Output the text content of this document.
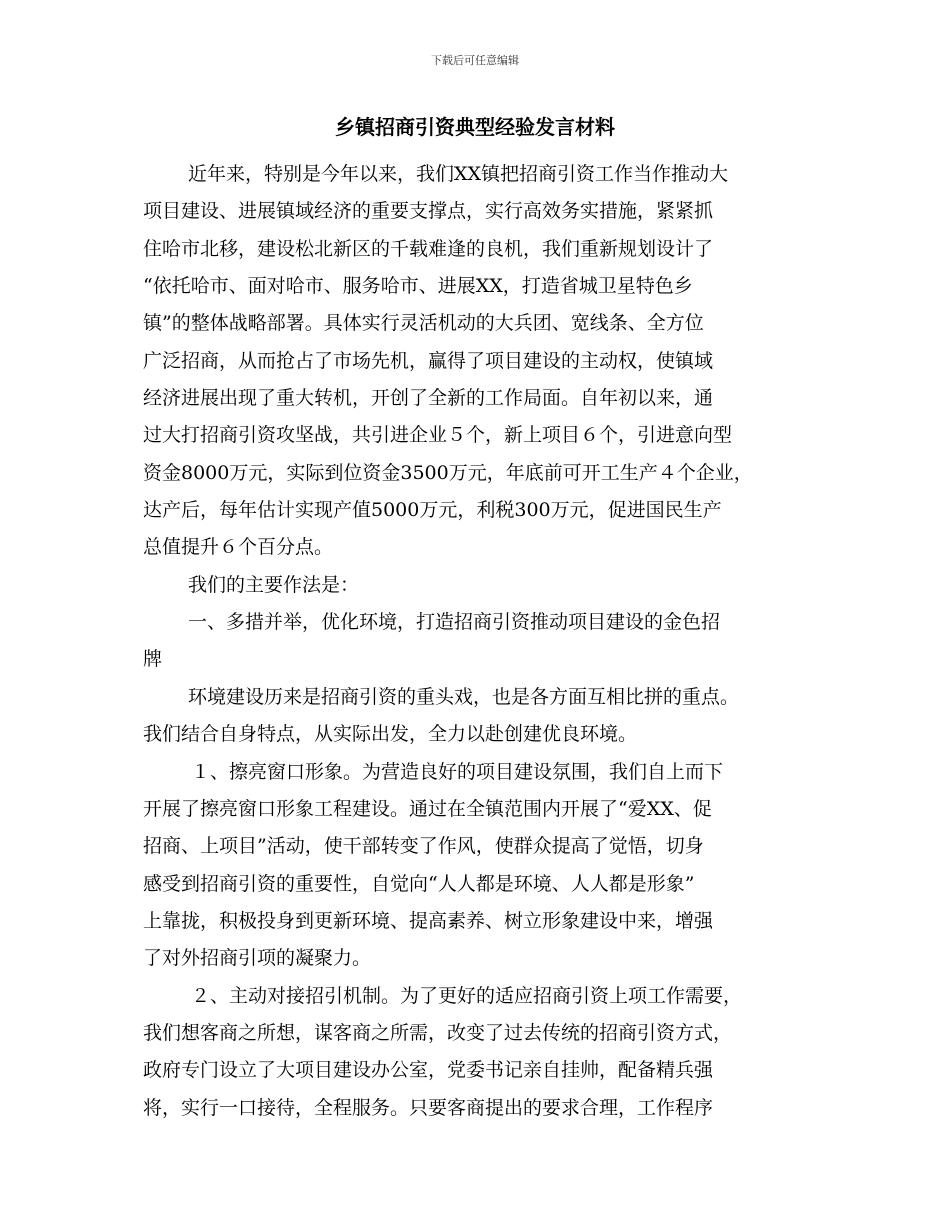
下载后可任意编辑
乡镇招商引资典型经验发言材料
近年来，特别是今年以来，我们XX镇把招商引资工作当作推动大
项目建设、进展镇域经济的重要支撑点，实行高效务实措施，紧紧抓
住哈市北移，建设松北新区的千载难逢的良机，我们重新规划设计了
“依托哈市、面对哈市、服务哈市、进展XX，打造省城卫星特色乡
镇”的整体战略部署。具体实行灵活机动的大兵团、宽线条、全方位
广泛招商，从而抢占了市场先机，赢得了项目建设的主动权，使镇域
经济进展出现了重大转机，开创了全新的工作局面。自年初以来，通
过大打招商引资攻坚战，共引进企业５个，新上项目６个，引进意向型
资金8000万元，实际到位资金3500万元，年底前可开工生产４个企业，
达产后，每年估计实现产值5000万元，利税300万元，促进国民生产
总值提升６个百分点。
我们的主要作法是：
一、多措并举，优化环境，打造招商引资推动项目建设的金色招
牌
环境建设历来是招商引资的重头戏，也是各方面互相比拼的重点。
我们结合自身特点，从实际出发，全力以赴创建优良环境。
１、擦亮窗口形象。为营造良好的项目建设氛围，我们自上而下
开展了擦亮窗口形象工程建设。通过在全镇范围内开展了“爱XX、促
招商、上项目”活动，使干部转变了作风，使群众提高了觉悟，切身
感受到招商引资的重要性，自觉向“人人都是环境、人人都是形象”
上靠拢，积极投身到更新环境、提高素养、树立形象建设中来，增强
了对外招商引项的凝聚力。
２、主动对接招引机制。为了更好的适应招商引资上项工作需要，
我们想客商之所想，谋客商之所需，改变了过去传统的招商引资方式，
政府专门设立了大项目建设办公室，党委书记亲自挂帅，配备精兵强
将，实行一口接待，全程服务。只要客商提出的要求合理，工作程序
